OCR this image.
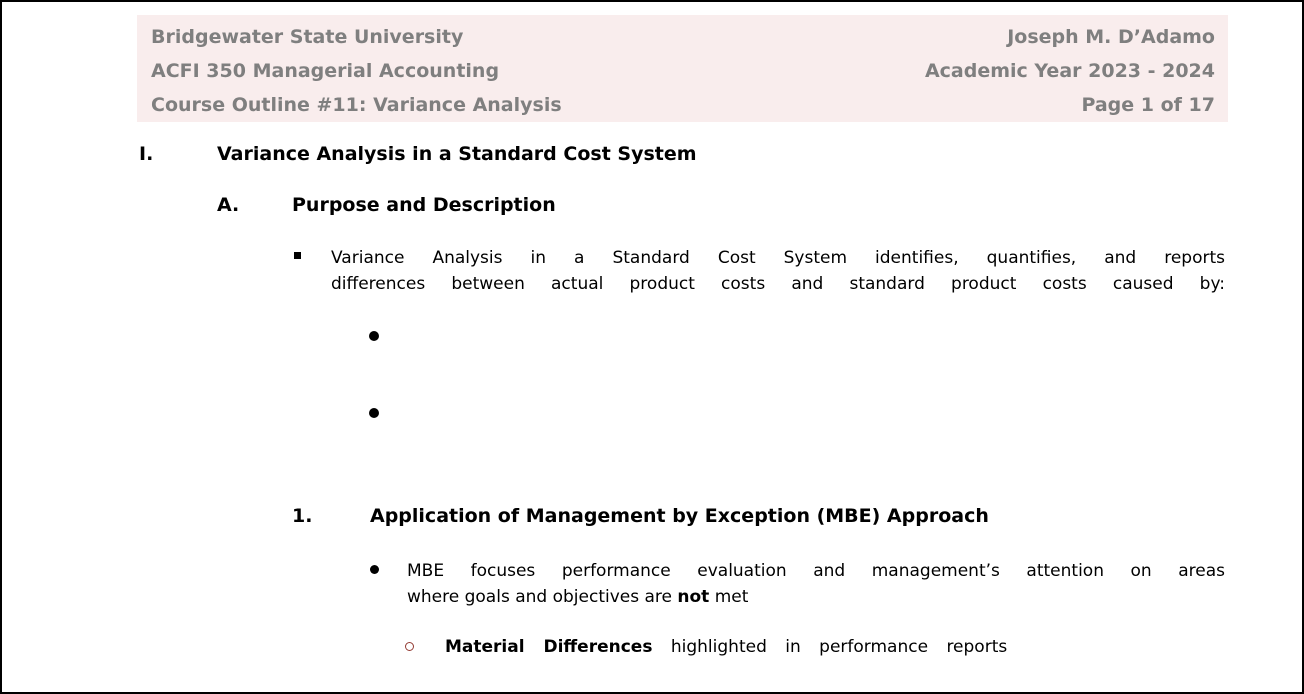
Bridgewater State University
ACFI 350 Managerial Accounting
Course Outline #11: Variance Analysis
Joseph M. D’Adamo
Academic Year 2023 - 2024
Page 1 of 17
I.	Variance Analysis in a Standard Cost System
A.	Purpose and Description
Variance Analysis in a Standard Cost System identifies, quantifies, and reports
differences between actual product costs and standard product costs caused by:
1.	Application of Management by Exception (MBE) Approach
MBE focuses performance evaluation and management’s attention on areas
where goals and objectives are not met
Material Differences highlighted in performance reports
